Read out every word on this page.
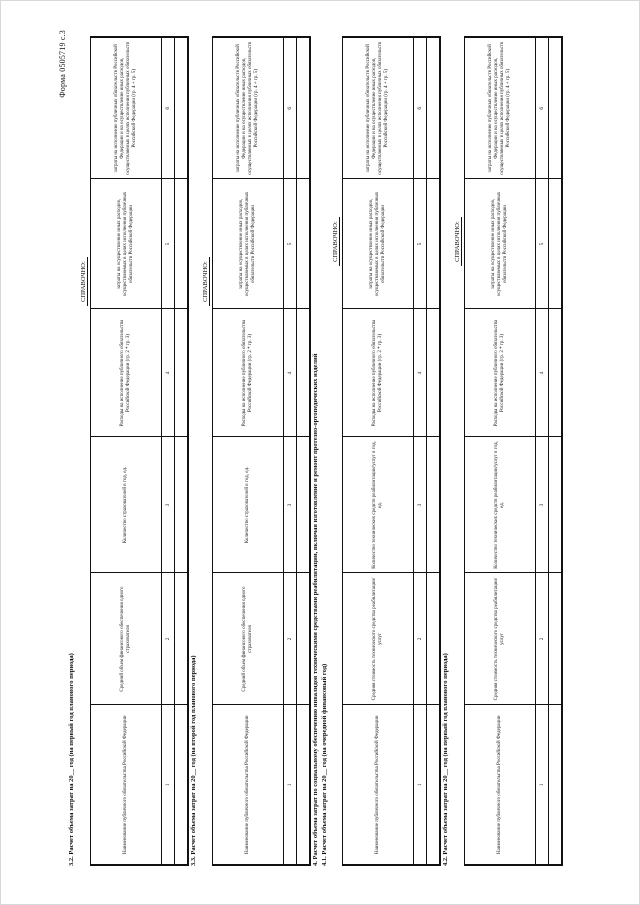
Форма 0505719 с.3
3.2. Расчет объема затрат на 20__ год (на первый год планового периода)
СПРАВОЧНО:
Наименование публичного обязательства Российской Федерации	Средний объем финансового обеспечения одного страхователя	Количество страхователей в год, ед.	Расходы на исполнение публичного обязательства Российской Федерации (гр. 2 * гр. 3)	затраты на осуществление иных расходов, осуществляемых в целях исполнения публичных обязательств Российской Федерации	затраты на исполнение публичных обязательств Российской Федерации и на осуществление иных расходов, осуществляемых в целях исполнения публичных обязательств Российской Федерации (гр. 4 + гр. 5)
1	2	3	4	5	6

3.3. Расчет объема затрат на 20__ год (на второй год планового периода)
СПРАВОЧНО:
Наименование публичного обязательства Российской Федерации	Средний объем финансового обеспечения одного страхователя	Количество страхователей в год, ед.	Расходы на исполнение публичного обязательства Российской Федерации (гр. 2 * гр. 3)	затраты на осуществление иных расходов, осуществляемых в целях исполнения публичных обязательств Российской Федерации	затраты на исполнение публичных обязательств Российской Федерации и на осуществление иных расходов, осуществляемых в целях исполнения публичных обязательств Российской Федерации (гр. 4 + гр. 5)
1	2	3	4	5	6

4. Расчет объема затрат по социальному обеспечению инвалидов техническими средствами реабилитации, включая изготовление и ремонт протезно-ортопедических изделий 4.1. Расчет объема затрат на 20__ год (на очередной финансовый год)
СПРАВОЧНО:
Наименование публичного обязательства Российской Федерации	Средняя стоимость технического средства реабилитации/услуг	Количество технических средств реабилитации/услуг в год, ед.	Расходы на исполнение публичного обязательства Российской Федерации (гр. 2 * гр. 3)	затраты на осуществление иных расходов, осуществляемых в целях исполнения публичных обязательств Российской Федерации	затраты на исполнение публичных обязательств Российской Федерации и на осуществление иных расходов, осуществляемых в целях исполнения публичных обязательств Российской Федерации (гр. 4 + гр. 5)
1	2	3	4	5	6

4.2. Расчет объема затрат на 20__ год (на первый год планового периода)
СПРАВОЧНО:
Наименование публичного обязательства Российской Федерации	Средняя стоимость технического средства реабилитации/услуг	Количество технических средств реабилитации/услуг в год, ед.	Расходы на исполнение публичного обязательства Российской Федерации (гр. 2 * гр. 3)	затраты на осуществление иных расходов, осуществляемых в целях исполнения публичных обязательств Российской Федерации	затраты на исполнение публичных обязательств Российской Федерации и на осуществление иных расходов, осуществляемых в целях исполнения публичных обязательств Российской Федерации (гр. 4 + гр. 5)
1	2	3	4	5	6
